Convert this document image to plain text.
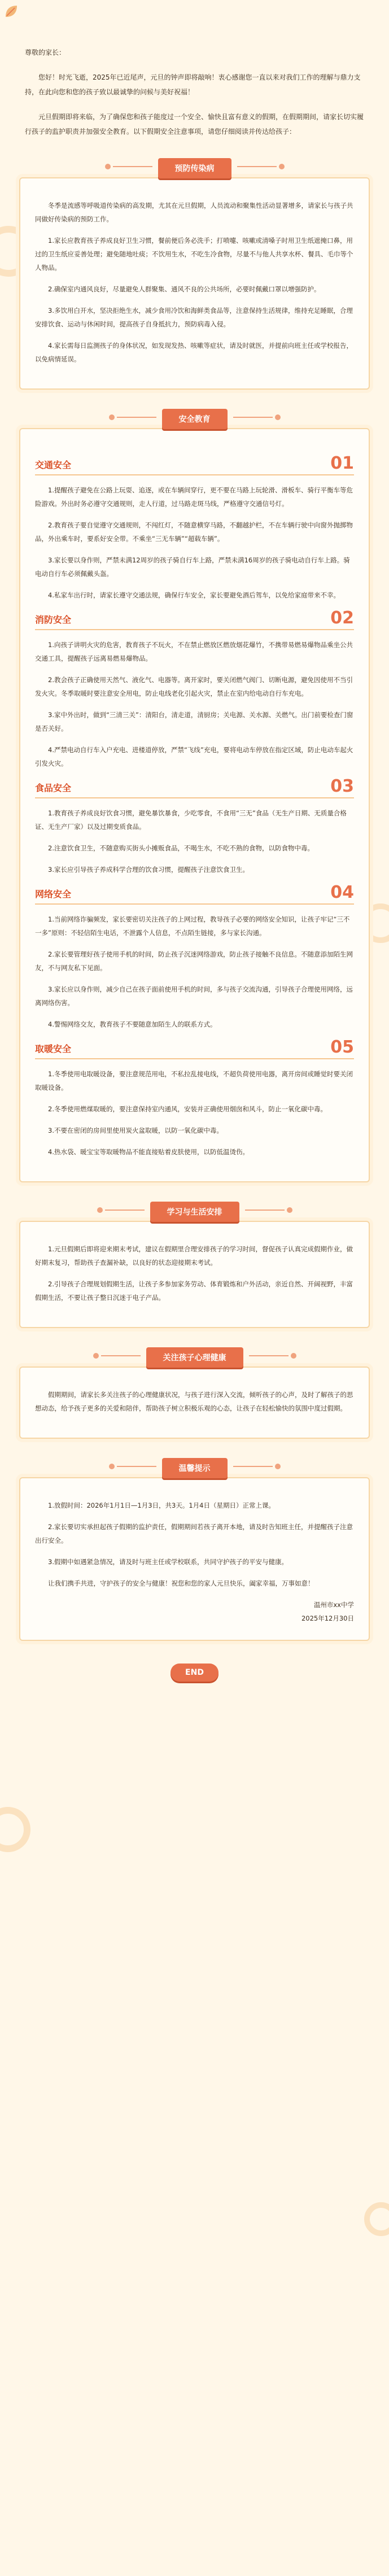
尊敬的家长：

您好！时光飞逝，2025年已近尾声，元旦的钟声即将敲响！衷心感谢您一直以来对我们工作的理解与鼎力支持，在此向您和您的孩子致以最诚挚的问候与美好祝福！

元旦假期即将来临，为了确保您和孩子能度过一个安全、愉快且富有意义的假期，在假期期间，请家长切实履行孩子的监护职责并加强安全教育。以下假期安全注意事项，请您仔细阅读并传达给孩子：

预防传染病

冬季是流感等呼吸道传染病的高发期，尤其在元旦假期，人员流动和聚集性活动显著增多，请家长与孩子共同做好传染病的预防工作。

1.家长应教育孩子养成良好卫生习惯，餐前便后务必洗手；打喷嚏、咳嗽或清嗓子时用卫生纸遮掩口鼻，用过的卫生纸应妥善处理；避免随地吐痰；不饮用生水，不吃生冷食物，尽量不与他人共享水杯、餐具、毛巾等个人物品。

2.确保室内通风良好，尽量避免人群聚集、通风不良的公共场所，必要时佩戴口罩以增强防护。

3.多饮用白开水，坚决拒绝生水，减少食用冷饮和海鲜类食品等，注意保持生活规律，维持充足睡眠，合理安排饮食、运动与休闲时间，提高孩子自身抵抗力，预防病毒入侵。

4.家长需每日监测孩子的身体状况，如发现发热、咳嗽等症状，请及时就医，并提前向班主任或学校报告，以免病情延误。

安全教育
交通安全	01

1.提醒孩子避免在公路上玩耍、追逐，或在车辆间穿行，更不要在马路上玩轮滑、滑板车、骑行平衡车等危险游戏。外出时务必遵守交通规则，走人行道，过马路走斑马线，严格遵守交通信号灯。

2.教育孩子要自觉遵守交通规则，不闯红灯，不随意横穿马路，不翻越护栏，不在车辆行驶中向窗外抛掷物品，外出乘车时，要系好安全带。不乘坐“三无车辆”“超载车辆”。

3.家长要以身作则，严禁未满12周岁的孩子骑自行车上路，严禁未满16周岁的孩子骑电动自行车上路。骑电动自行车必须佩戴头盔。

4.私家车出行时，请家长遵守交通法规，确保行车安全，家长要避免酒后驾车，以免给家庭带来不幸。

消防安全	02

1.向孩子讲明火灾的危害，教育孩子不玩火，不在禁止燃放区燃放烟花爆竹，不携带易燃易爆物品乘坐公共交通工具，提醒孩子远离易燃易爆物品。

2.教会孩子正确使用天然气、液化气、电器等。离开家时，要关闭燃气阀门、切断电源，避免因使用不当引发火灾。冬季取暖时要注意安全用电，防止电线老化引起火灾，禁止在室内给电动自行车充电。

3.家中外出时，做到“三清三关”：清阳台，清走道，清厨房；关电源、关水源、关燃气。出门前要检查门窗是否关好。

4.严禁电动自行车入户充电、进楼道停放，严禁“飞线”充电，要将电动车停放在指定区域，防止电动车起火引发火灾。

食品安全	03

1.教育孩子养成良好饮食习惯，避免暴饮暴食，少吃零食，不食用“三无”食品（无生产日期、无质量合格证、无生产厂家）以及过期变质食品。

2.注意饮食卫生，不随意购买街头小摊贩食品，不喝生水，不吃不熟的食物，以防食物中毒。

3.家长应引导孩子养成科学合理的饮食习惯，提醒孩子注意饮食卫生。

网络安全	04

1.当前网络诈骗频发，家长要密切关注孩子的上网过程，教导孩子必要的网络安全知识，让孩子牢记“三不一多”原则：不轻信陌生电话，不泄露个人信息，不点陌生链接，多与家长沟通。

2.家长要管理好孩子使用手机的时间，防止孩子沉迷网络游戏，防止孩子接触不良信息。不随意添加陌生网友，不与网友私下见面。

3.家长应以身作则，减少自己在孩子面前使用手机的时间，多与孩子交流沟通，引导孩子合理使用网络，远离网络伤害。

4.警惕网络交友，教育孩子不要随意加陌生人的联系方式。

取暖安全	05

1.冬季使用电取暖设备，要注意规范用电，不私拉乱接电线，不超负荷使用电器，离开房间或睡觉时要关闭取暖设备。

2.冬季使用燃煤取暖的，要注意保持室内通风，安装并正确使用烟囱和风斗，防止一氧化碳中毒。

3.不要在密闭的房间里使用炭火盆取暖，以防一氧化碳中毒。

4.热水袋、暖宝宝等取暖物品不能直接贴着皮肤使用，以防低温烫伤。

学习与生活安排

1.元旦假期后即将迎来期末考试，建议在假期里合理安排孩子的学习时间，督促孩子认真完成假期作业，做好期末复习，帮助孩子查漏补缺，以良好的状态迎接期末考试。

2.引导孩子合理规划假期生活，让孩子多参加家务劳动、体育锻炼和户外活动，亲近自然、开阔视野，丰富假期生活，不要让孩子整日沉迷于电子产品。

关注孩子心理健康

假期期间，请家长多关注孩子的心理健康状况，与孩子进行深入交流，倾听孩子的心声，及时了解孩子的思想动态，给予孩子更多的关爱和陪伴，帮助孩子树立积极乐观的心态，让孩子在轻松愉快的氛围中度过假期。

温馨提示

1.放假时间：2026年1月1日—1月3日，共3天。1月4日（星期日）正常上课。

2.家长要切实承担起孩子假期的监护责任，假期期间若孩子离开本地，请及时告知班主任，并提醒孩子注意出行安全。

3.假期中如遇紧急情况，请及时与班主任或学校联系，共同守护孩子的平安与健康。

让我们携手共进，守护孩子的安全与健康！祝您和您的家人元旦快乐，阖家幸福，万事如意！

温州市xx中学

2025年12月30日

END
